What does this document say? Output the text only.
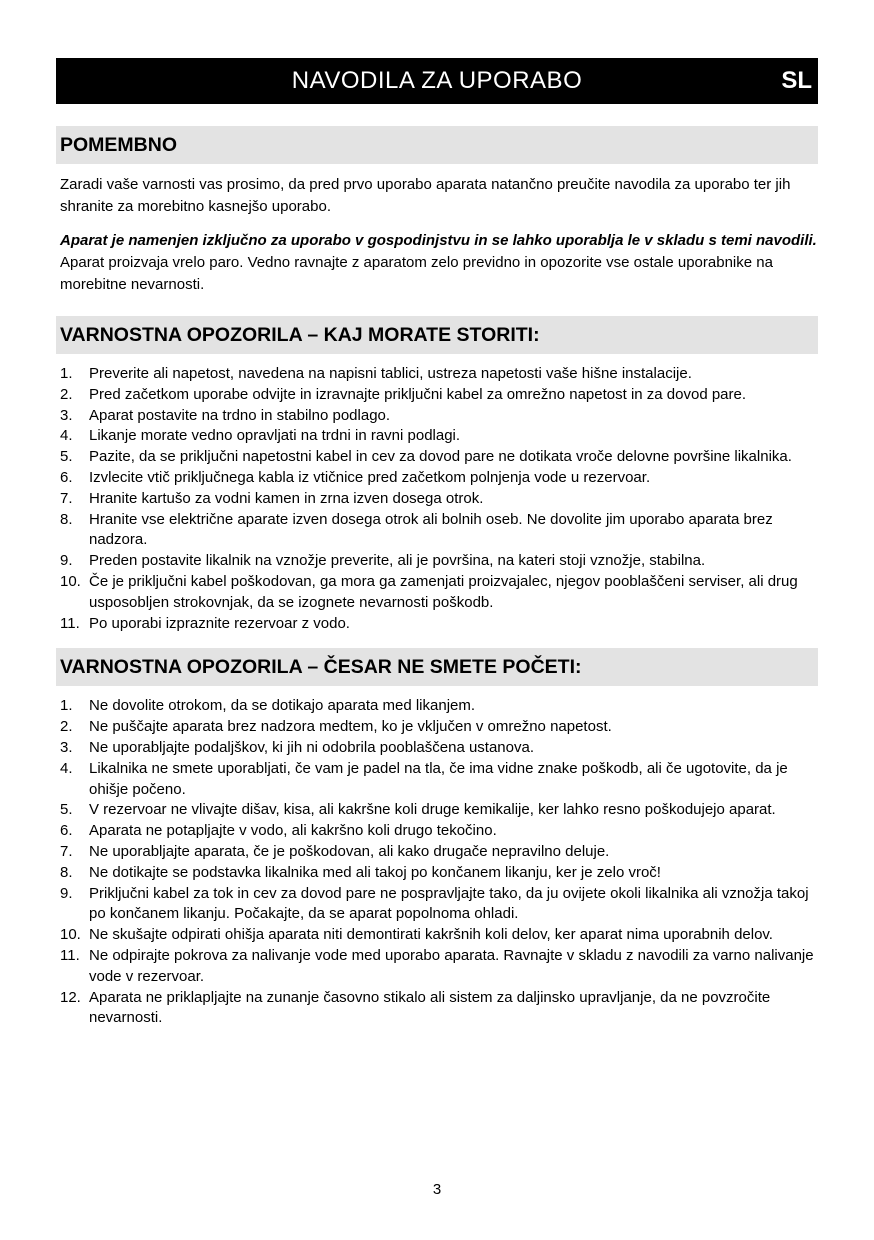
NAVODILA ZA UPORABO	SL
POMEMBNO

Zaradi vaše varnosti vas prosimo, da pred prvo uporabo aparata natančno preučite navodila za uporabo ter jih shranite za morebitno kasnejšo uporabo.

Aparat je namenjen izključno za uporabo v gospodinjstvu in se lahko uporablja le v skladu s temi navodili.

Aparat proizvaja vrelo paro. Vedno ravnajte z aparatom zelo previdno in opozorite vse ostale uporabnike na morebitne nevarnosti.

VARNOSTNA OPOZORILA – KAJ MORATE STORITI:
1.	Preverite ali napetost, navedena na napisni tablici, ustreza napetosti vaše hišne instalacije.
2.	Pred začetkom uporabe odvijte in izravnajte priključni kabel za omrežno napetost in za dovod pare.
3.	Aparat postavite na trdno in stabilno podlago.
4.	Likanje morate vedno opravljati na trdni in ravni podlagi.
5.	Pazite, da se priključni napetostni kabel in cev za dovod pare ne dotikata vroče delovne površine likalnika.
6.	Izvlecite vtič priključnega kabla iz vtičnice pred začetkom polnjenja vode u rezervoar.
7.	Hranite kartušo za vodni kamen in zrna izven dosega otrok.
8.	Hranite vse električne aparate izven dosega otrok ali bolnih oseb. Ne dovolite jim uporabo aparata brez nadzora.
9.	Preden postavite likalnik na vznožje preverite, ali je površina, na kateri stoji vznožje, stabilna.
10. Če je priključni kabel poškodovan, ga mora ga zamenjati proizvajalec, njegov pooblaščeni serviser, ali drug usposobljen strokovnjak, da se izognete nevarnosti poškodb.
11. Po uporabi izpraznite rezervoar z vodo.
VARNOSTNA OPOZORILA – ČESAR NE SMETE POČETI:
1.	Ne dovolite otrokom, da se dotikajo aparata med likanjem.
2.	Ne puščajte aparata brez nadzora medtem, ko je vključen v omrežno napetost.
3.	Ne uporabljajte podaljškov, ki jih ni odobrila pooblaščena ustanova.
4.	Likalnika ne smete uporabljati, če vam je padel na tla, če ima vidne znake poškodb, ali če ugotovite, da je ohišje počeno.
5.	V rezervoar ne vlivajte dišav, kisa, ali kakršne koli druge kemikalije, ker lahko resno poškodujejo aparat.
6.	Aparata ne potapljajte v vodo, ali kakršno koli drugo tekočino.
7.	Ne uporabljajte aparata, če je poškodovan, ali kako drugače nepravilno deluje.
8.	Ne dotikajte se podstavka likalnika med ali takoj po končanem likanju, ker je zelo vroč!
9.	Priključni kabel za tok in cev za dovod pare ne pospravljajte tako, da ju ovijete okoli likalnika ali vznožja takoj po končanem likanju. Počakajte, da se aparat popolnoma ohladi.
10. Ne skušajte odpirati ohišja aparata niti demontirati kakršnih koli delov, ker aparat nima uporabnih delov.
11. Ne odpirajte pokrova za nalivanje vode med uporabo aparata. Ravnajte v skladu z navodili za varno nalivanje vode v rezervoar.
12. Aparata ne priklapljajte na zunanje časovno stikalo ali sistem za daljinsko upravljanje, da ne povzročite nevarnosti.
3
